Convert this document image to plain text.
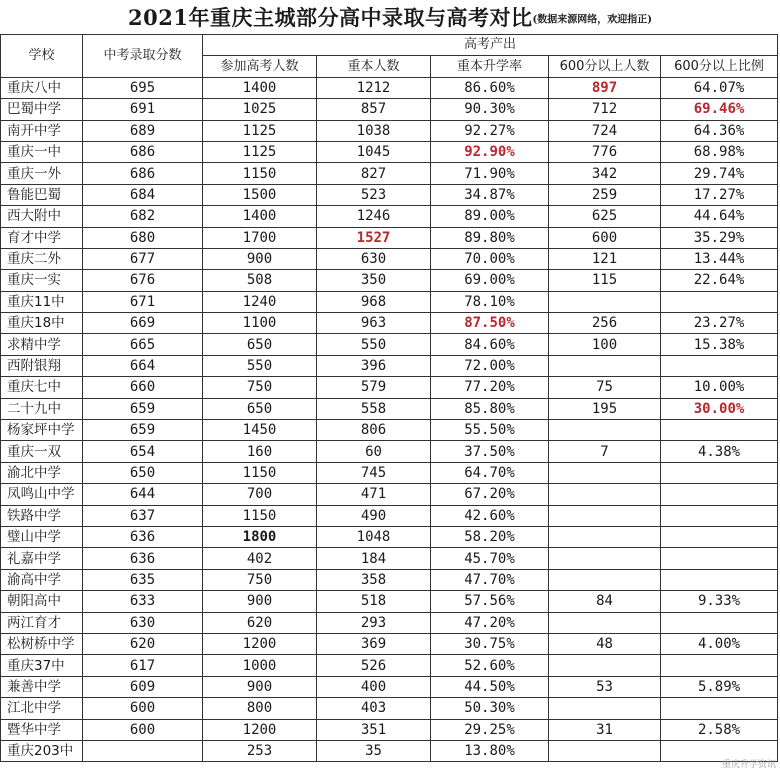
2021年重庆主城部分高中录取与高考对比(数据来源网络，欢迎指正)
学校	中考录取分数	高考产出				
		参加高考人数	重本人数	重本升学率	600分以上人数	600分以上比例
重庆八中	695	1400	1212	86.60%	897	64.07%
巴蜀中学	691	1025	857	90.30%	712	69.46%
南开中学	689	1125	1038	92.27%	724	64.36%
重庆一中	686	1125	1045	92.90%	776	68.98%
重庆一外	686	1150	827	71.90%	342	29.74%
鲁能巴蜀	684	1500	523	34.87%	259	17.27%
西大附中	682	1400	1246	89.00%	625	44.64%
育才中学	680	1700	1527	89.80%	600	35.29%
重庆二外	677	900	630	70.00%	121	13.44%
重庆一实	676	508	350	69.00%	115	22.64%
重庆11中	671	1240	968	78.10%		
重庆18中	669	1100	963	87.50%	256	23.27%
求精中学	665	650	550	84.60%	100	15.38%
西附银翔	664	550	396	72.00%		
重庆七中	660	750	579	77.20%	75	10.00%
二十九中	659	650	558	85.80%	195	30.00%
杨家坪中学	659	1450	806	55.50%		
重庆一双	654	160	60	37.50%	7	4.38%
渝北中学	650	1150	745	64.70%		
凤鸣山中学	644	700	471	67.20%		
铁路中学	637	1150	490	42.60%		
璧山中学	636	1800	1048	58.20%		
礼嘉中学	636	402	184	45.70%		
渝高中学	635	750	358	47.70%		
朝阳高中	633	900	518	57.56%	84	9.33%
两江育才	630	620	293	47.20%		
松树桥中学	620	1200	369	30.75%	48	4.00%
重庆37中	617	1000	526	52.60%		
兼善中学	609	900	400	44.50%	53	5.89%
江北中学	600	800	403	50.30%		
暨华中学	600	1200	351	29.25%	31	2.58%
重庆203中		253	35	13.80%		
重庆升学资讯
